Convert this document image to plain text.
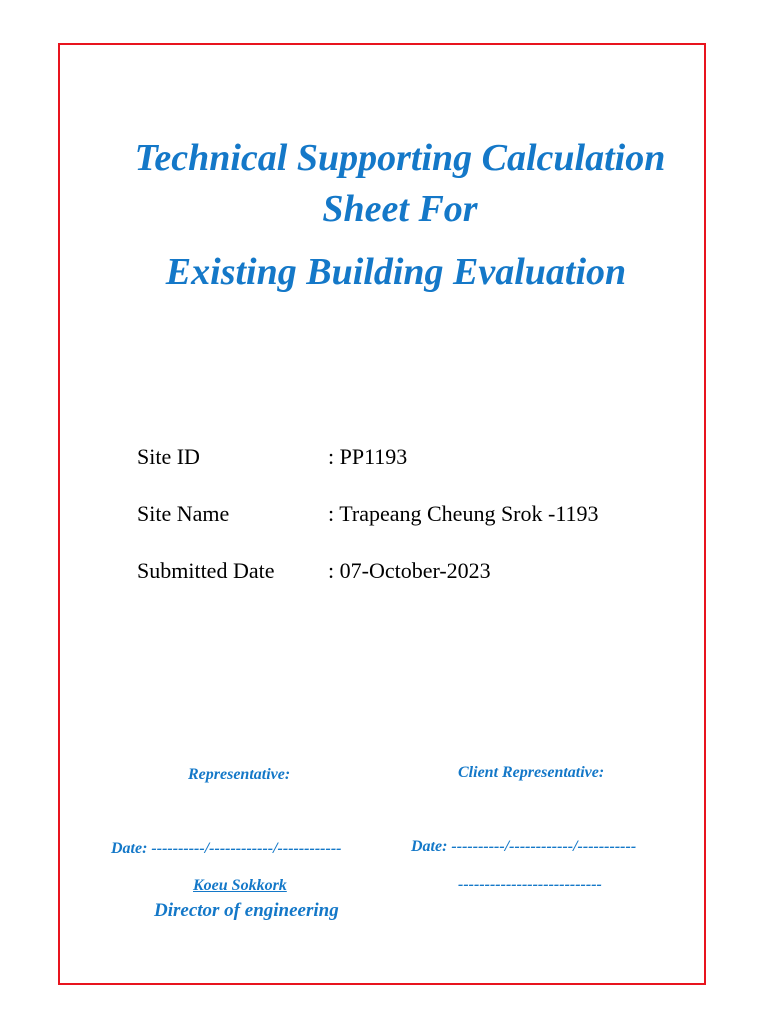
Technical Supporting Calculation
Sheet For
Existing Building Evaluation
Site ID	: PP1193
Site Name	: Trapeang Cheung Srok -1193
Submitted Date : 07-October-2023
Representative:	Client Representative:
Date: ----------/------------/------------	Date: ----------/------------/-----------
---------------------------
Koeu Sokkork
Director of engineering
